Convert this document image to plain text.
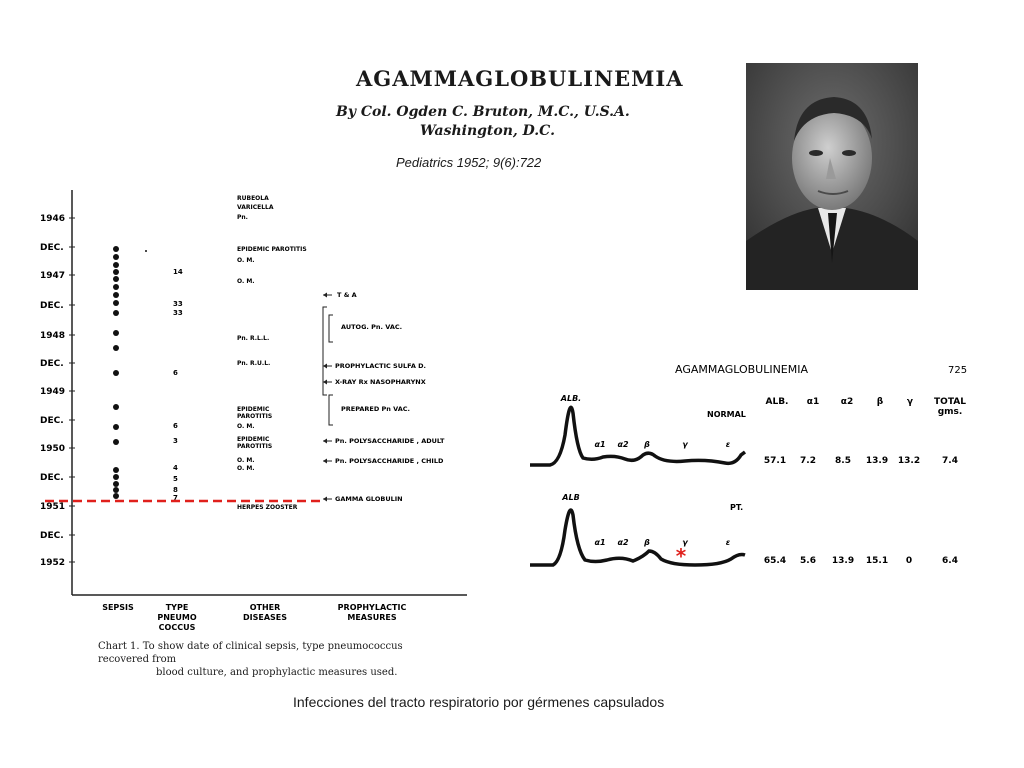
AGAMMAGLOBULINEMIA
By Col. Ogden C. Bruton, M.C., U.S.A.
Washington, D.C.
Pediatrics 1952; 9(6):722
1946
DEC.
1947
DEC.
1948
DEC.
1949
DEC.
1950
DEC.
1951
DEC.
1952
14
33
33
6
6
3
4
5
8
7
RUBEOLA
VARICELLA
Pn.
EPIDEMIC PAROTITIS
O. M.
O. M.
Pn. R.L.L.
Pn. R.U.L.
EPIDEMIC
PAROTITIS
O. M.
EPIDEMIC
PAROTITIS
O. M.
O. M.
HERPES ZOOSTER
T & A
AUTOG. Pn. VAC.
PROPHYLACTIC SULFA D.
X-RAY Rx NASOPHARYNX
PREPARED Pn VAC.
Pn. POLYSACCHARIDE , ADULT
Pn. POLYSACCHARIDE , CHILD
GAMMA GLOBULIN
SEPSIS	TYPE PNEUMO COCCUS
OTHER DISEASES
PROPHYLACTIC MEASURES
Chart 1. To show date of clinical sepsis, type pneumococcus recovered from
blood culture, and prophylactic measures used.
AGAMMAGLOBULINEMIA	725
ALB. α1 α2	β	γ TOTAL
gms.
ALB.
α1 α2 β	γ	ε
ALB
α1 α2 β	γ	ε
NORMAL
PT.
*
57.1 7.2 8.5 13.9 13.2 7.4
65.4 5.6 13.9 15.1 0	6.4
Infecciones del tracto respiratorio por gérmenes capsulados
